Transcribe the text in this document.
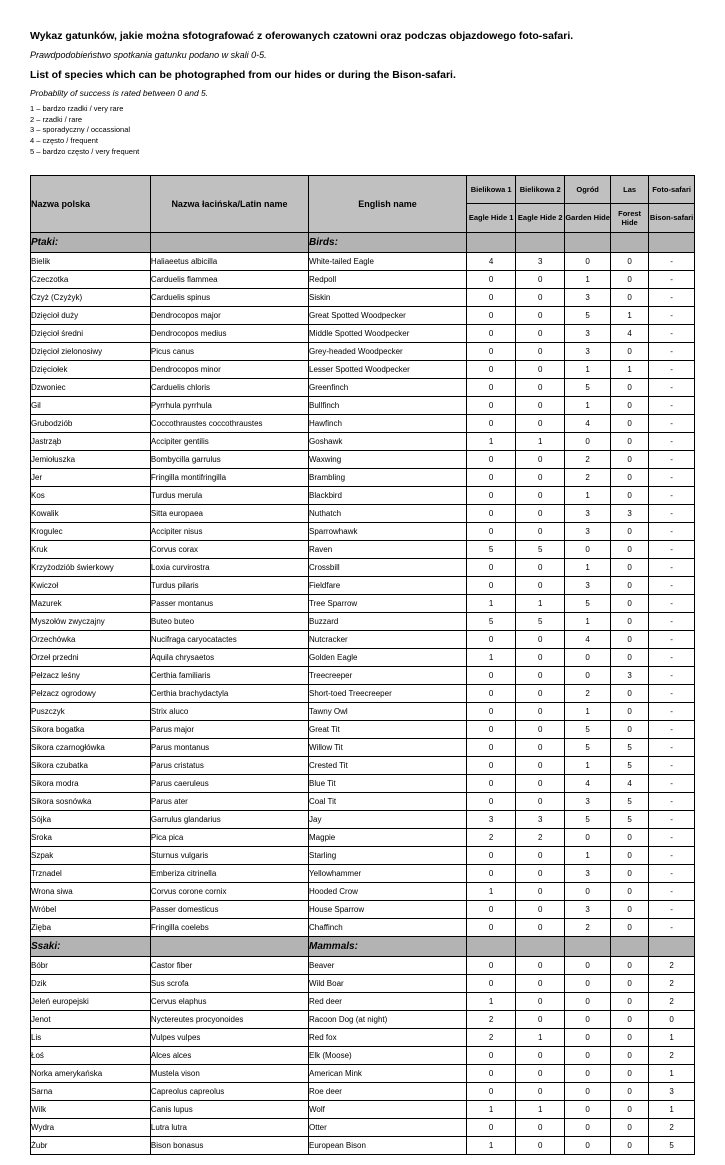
Wykaz gatunków, jakie można sfotografować z oferowanych czatowni oraz podczas objazdowego foto-safari.
Prawdpodobieństwo spotkania gatunku podano w skali 0-5.
List of species which can be photographed from our hides or during the Bison-safari.
Probablity of success is rated between 0 and 5.
1 – bardzo rzadki / very rare
2 – rzadki / rare
3 – sporadyczny / occassional
4 – często / frequent
5 – bardzo często / very frequent
Nazwa polska	Nazwa łacińska/Latin name	English name	Bielikowa 1	Bielikowa 2	Ogród	Las	Foto-safari
			Eagle Hide 1	Eagle Hide 2	Garden Hide	Forest Hide	Bison-safari
Ptaki:		Birds:					
Bielik	Haliaeetus albicilla	White-tailed Eagle	4	3	0	0	-
Czeczotka	Carduelis flammea	Redpoll	0	0	1	0	-
Czyż (Czyżyk)	Carduelis spinus	Siskin	0	0	3	0	-
Dzięcioł duży	Dendrocopos major	Great Spotted Woodpecker	0	0	5	1	-
Dzięcioł średni	Dendrocopos medius	Middle Spotted Woodpecker	0	0	3	4	-
Dzięcioł zielonosiwy	Picus canus	Grey-headed Woodpecker	0	0	3	0	-
Dzięciołek	Dendrocopos minor	Lesser Spotted Woodpecker	0	0	1	1	-
Dzwoniec	Carduelis chloris	Greenfinch	0	0	5	0	-
Gil	Pyrrhula pyrrhula	Bullfinch	0	0	1	0	-
Grubodziób	Coccothraustes coccothraustes	Hawfinch	0	0	4	0	-
Jastrząb	Accipiter gentilis	Goshawk	1	1	0	0	-
Jemiołuszka	Bombycilla garrulus	Waxwing	0	0	2	0	-
Jer	Fringilla montifringilla	Brambling	0	0	2	0	-
Kos	Turdus merula	Blackbird	0	0	1	0	-
Kowalik	Sitta europaea	Nuthatch	0	0	3	3	-
Krogulec	Accipiter nisus	Sparrowhawk	0	0	3	0	-
Kruk	Corvus corax	Raven	5	5	0	0	-
Krzyżodziób świerkowy	Loxia curvirostra	Crossbill	0	0	1	0	-
Kwiczoł	Turdus pilaris	Fieldfare	0	0	3	0	-
Mazurek	Passer montanus	Tree Sparrow	1	1	5	0	-
Myszołów zwyczajny	Buteo buteo	Buzzard	5	5	1	0	-
Orzechówka	Nucifraga caryocatactes	Nutcracker	0	0	4	0	-
Orzeł przedni	Aquila chrysaetos	Golden Eagle	1	0	0	0	-
Pełzacz leśny	Certhia familiaris	Treecreeper	0	0	0	3	-
Pełzacz ogrodowy	Certhia brachydactyla	Short-toed Treecreeper	0	0	2	0	-
Puszczyk	Strix aluco	Tawny Owl	0	0	1	0	-
Sikora bogatka	Parus major	Great Tit	0	0	5	0	-
Sikora czarnogłówka	Parus montanus	Willow Tit	0	0	5	5	-
Sikora czubatka	Parus cristatus	Crested Tit	0	0	1	5	-
Sikora modra	Parus caeruleus	Blue Tit	0	0	4	4	-
Sikora sosnówka	Parus ater	Coal Tit	0	0	3	5	-
Sójka	Garrulus glandarius	Jay	3	3	5	5	-
Sroka	Pica pica	Magpie	2	2	0	0	-
Szpak	Sturnus vulgaris	Starling	0	0	1	0	-
Trznadel	Emberiza citrinella	Yellowhammer	0	0	3	0	-
Wrona siwa	Corvus corone cornix	Hooded Crow	1	0	0	0	-
Wróbel	Passer domesticus	House Sparrow	0	0	3	0	-
Zięba	Fringilla coelebs	Chaffinch	0	0	2	0	-
Ssaki:		Mammals:					
Bóbr	Castor fiber	Beaver	0	0	0	0	2
Dzik	Sus scrofa	Wild Boar	0	0	0	0	2
Jeleń europejski	Cervus elaphus	Red deer	1	0	0	0	2
Jenot	Nyctereutes procyonoides	Racoon Dog (at night)	2	0	0	0	0
Lis	Vulpes vulpes	Red fox	2	1	0	0	1
Łoś	Alces alces	Elk (Moose)	0	0	0	0	2
Norka amerykańska	Mustela vison	American Mink	0	0	0	0	1
Sarna	Capreolus capreolus	Roe deer	0	0	0	0	3
Wilk	Canis lupus	Wolf	1	1	0	0	1
Wydra	Lutra lutra	Otter	0	0	0	0	2
Żubr	Bison bonasus	European Bison	1	0	0	0	5
